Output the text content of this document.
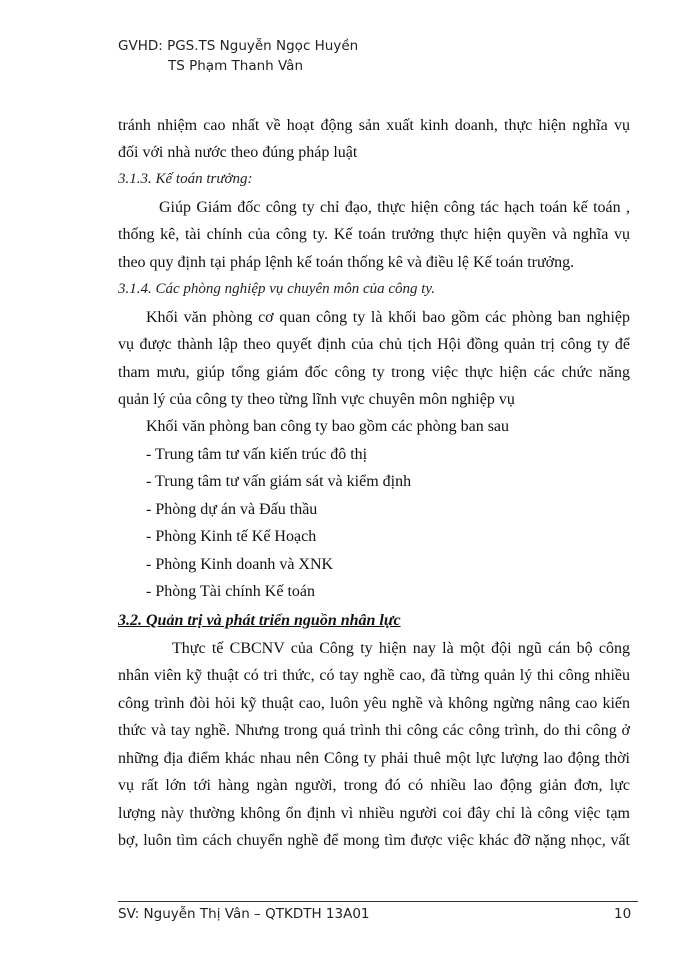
GVHD: PGS.TS Nguyễn Ngọc Huyền
TS Phạm Thanh Vân
tránh nhiệm cao nhất về hoạt động sản xuất kinh doanh, thực hiện nghĩa vụ
đối với nhà nước theo đúng pháp luật
3.1.3. Kế toán trưởng:
Giúp Giám đốc công ty chỉ đạo, thực hiện công tác hạch toán kế toán ,
thống kê, tài chính của công ty. Kế toán trưởng thực hiện quyền và nghĩa vụ
theo quy định tại pháp lệnh kế toán thống kê và điều lệ Kế toán trưởng.
3.1.4. Các phòng nghiệp vụ chuyên môn của công ty.
Khối văn phòng cơ quan công ty là khối bao gồm các phòng ban nghiệp
vụ được thành lập theo quyết định của chủ tịch Hội đồng quản trị công ty để
tham mưu, giúp tổng giám đốc công ty trong việc thực hiện các chức năng
quản lý của công ty theo từng lĩnh vực chuyên môn nghiệp vụ
Khối văn phòng ban công ty bao gồm các phòng ban sau
- Trung tâm tư vấn kiến trúc đô thị
- Trung tâm tư vấn giám sát và kiểm định
- Phòng dự án và Đấu thầu
- Phòng Kinh tế Kế Hoạch
- Phòng Kinh doanh và XNK
- Phòng Tài chính Kế toán
3.2. Quản trị và phát triển nguồn nhân lực
Thực tế CBCNV của Công ty hiện nay là một đội ngũ cán bộ công
nhân viên kỹ thuật có tri thức, có tay nghề cao, đã từng quản lý thi công nhiều
công trình đòi hỏi kỹ thuật cao, luôn yêu nghề và không ngừng nâng cao kiến
thức và tay nghề. Nhưng trong quá trình thi công các công trình, do thi công ở
những địa điểm khác nhau nên Công ty phải thuê một lực lượng lao động thời
vụ rất lớn tới hàng ngàn người, trong đó có nhiều lao động giản đơn, lực
lượng này thường không ổn định vì nhiều người coi đây chỉ là công việc tạm
bợ, luôn tìm cách chuyển nghề để mong tìm được việc khác đỡ nặng nhọc, vất
SV: Nguyễn Thị Vân – QTKDTH 13A01	10
